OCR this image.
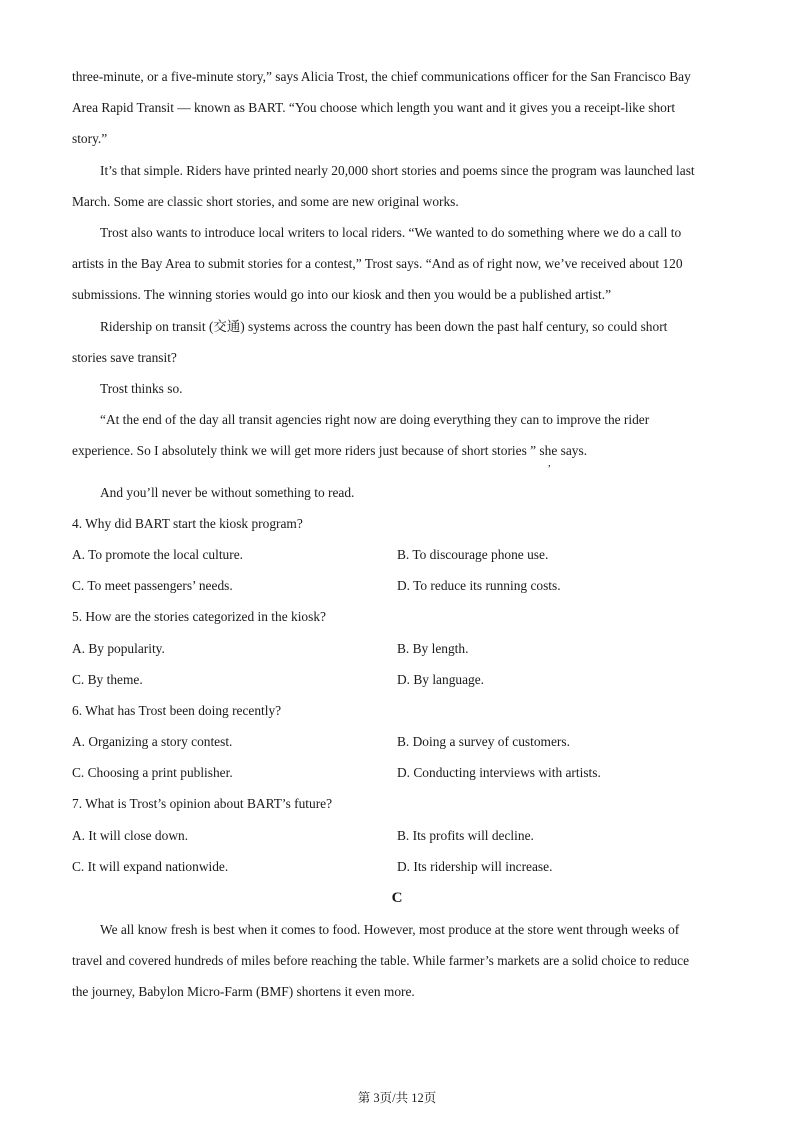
three-minute, or a five-minute story,” says Alicia Trost, the chief communications officer for the San Francisco Bay
Area Rapid Transit — known as BART. “You choose which length you want and it gives you a receipt-like short
story.”
It’s that simple. Riders have printed nearly 20,000 short stories and poems since the program was launched last
March. Some are classic short stories, and some are new original works.
Trost also wants to introduce local writers to local riders. “We wanted to do something where we do a call to
artists in the Bay Area to submit stories for a contest,” Trost says. “And as of right now, we’ve received about 120
submissions. The winning stories would go into our kiosk and then you would be a published artist.”
Ridership on transit (交通) systems across the country has been down the past half century, so could short
stories save transit?
Trost thinks so.
“At the end of the day all transit agencies right now are doing everything they can to improve the rider
experience. So I absolutely think we will get more riders just because of short stories ” she says.
,
And you’ll never be without something to read.
4. Why did BART start the kiosk program?
A. To promote the local culture.	B. To discourage phone use.
C. To meet passengers’ needs.	D. To reduce its running costs.
5. How are the stories categorized in the kiosk?
A. By popularity.	B. By length.
C. By theme.	D. By language.
6. What has Trost been doing recently?
A. Organizing a story contest.	B. Doing a survey of customers.
C. Choosing a print publisher.	D. Conducting interviews with artists.
7. What is Trost’s opinion about BART’s future?
A. It will close down.	B. Its profits will decline.
C. It will expand nationwide.	D. Its ridership will increase.
C
We all know fresh is best when it comes to food. However, most produce at the store went through weeks of
travel and covered hundreds of miles before reaching the table. While farmer’s markets are a solid choice to reduce
the journey, Babylon Micro-Farm (BMF) shortens it even more.
第 3页/共 12页
